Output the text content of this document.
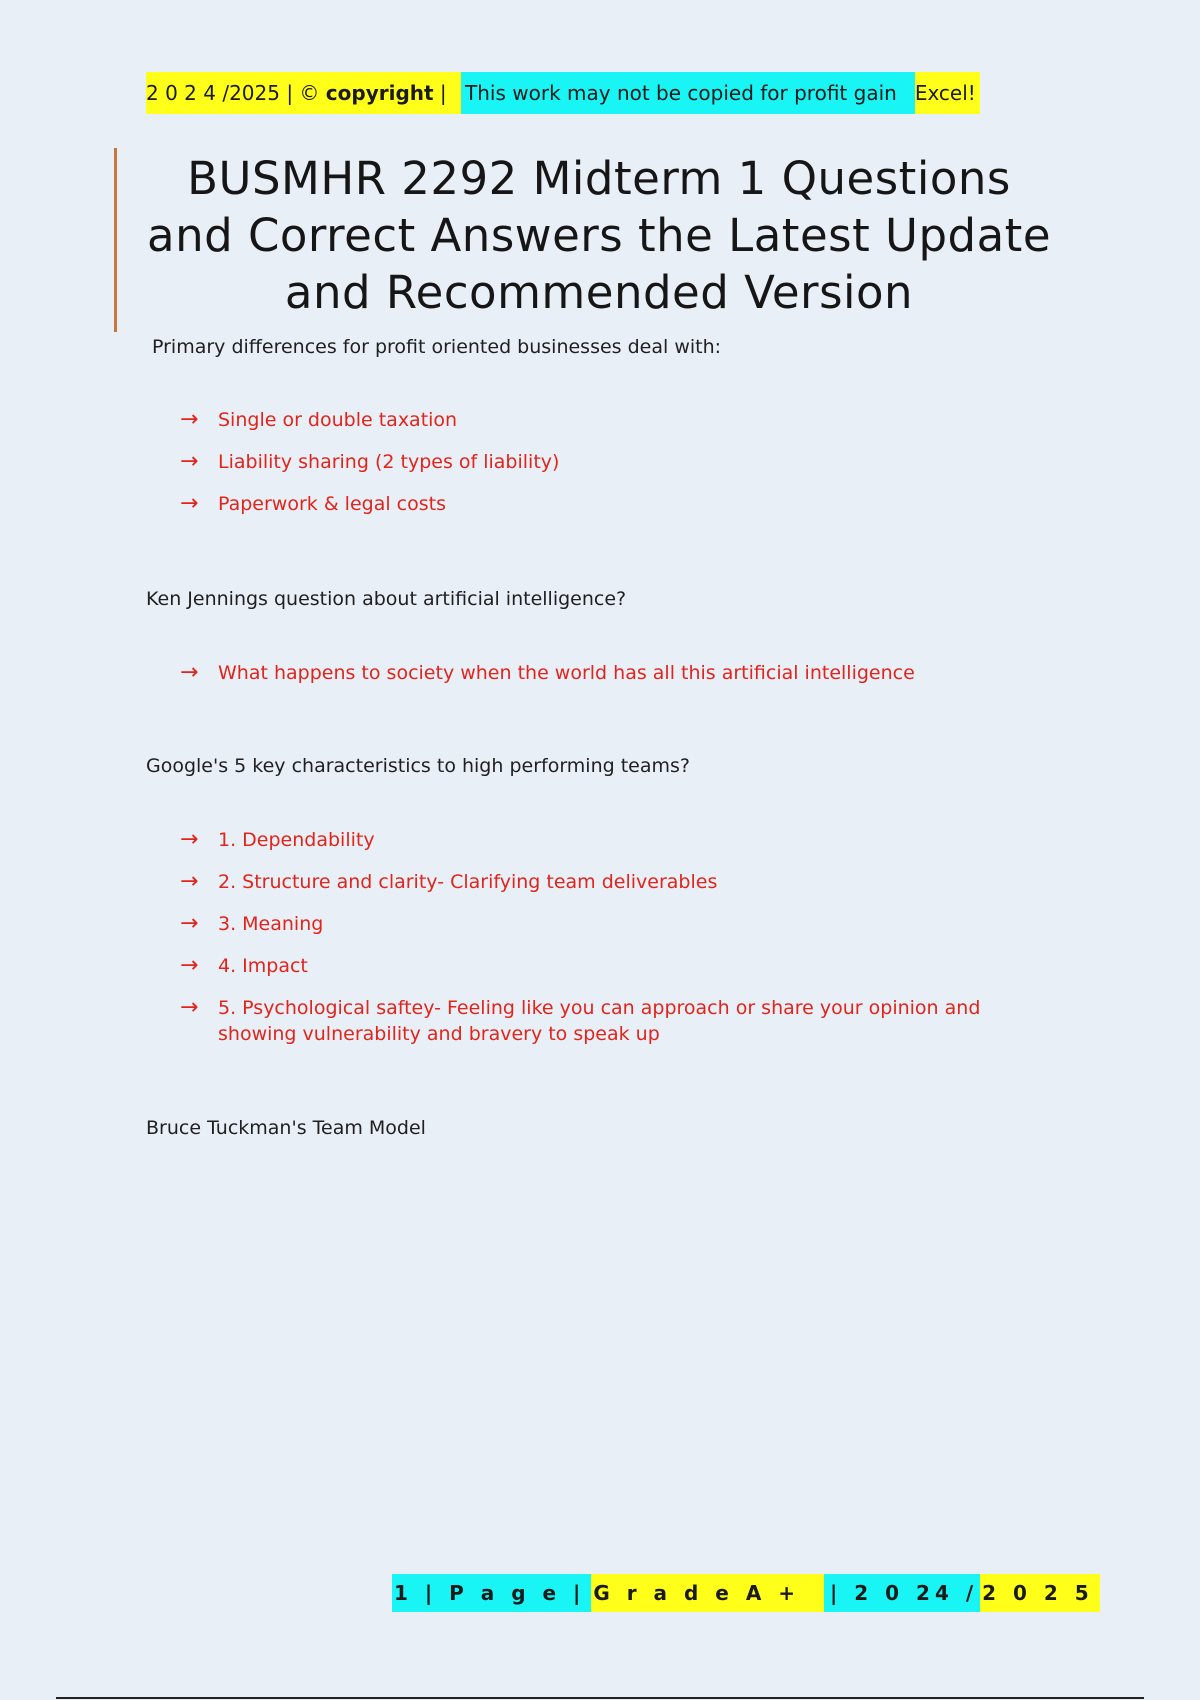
2 0 2 4 /2025 | © copyright | This work may not be copied for profit gain Excel!
BUSMHR 2292 Midterm 1 Questions and Correct Answers the Latest Update and Recommended Version
Primary differences for profit oriented businesses deal with:
→ Single or double taxation
→ Liability sharing (2 types of liability)
→ Paperwork & legal costs
Ken Jennings question about artificial intelligence?
→ What happens to society when the world has all this artificial intelligence
Google's 5 key characteristics to high performing teams?
→ 1. Dependability
→ 2. Structure and clarity- Clarifying team deliverables
→ 3. Meaning
→ 4. Impact
→ 5. Psychological saftey- Feeling like you can approach or share your opinion and showing vulnerability and bravery to speak up
Bruce Tuckman's Team Model
1 | P a g e | G r a d e A +	| 2 0 24 / 2 0 2 5
